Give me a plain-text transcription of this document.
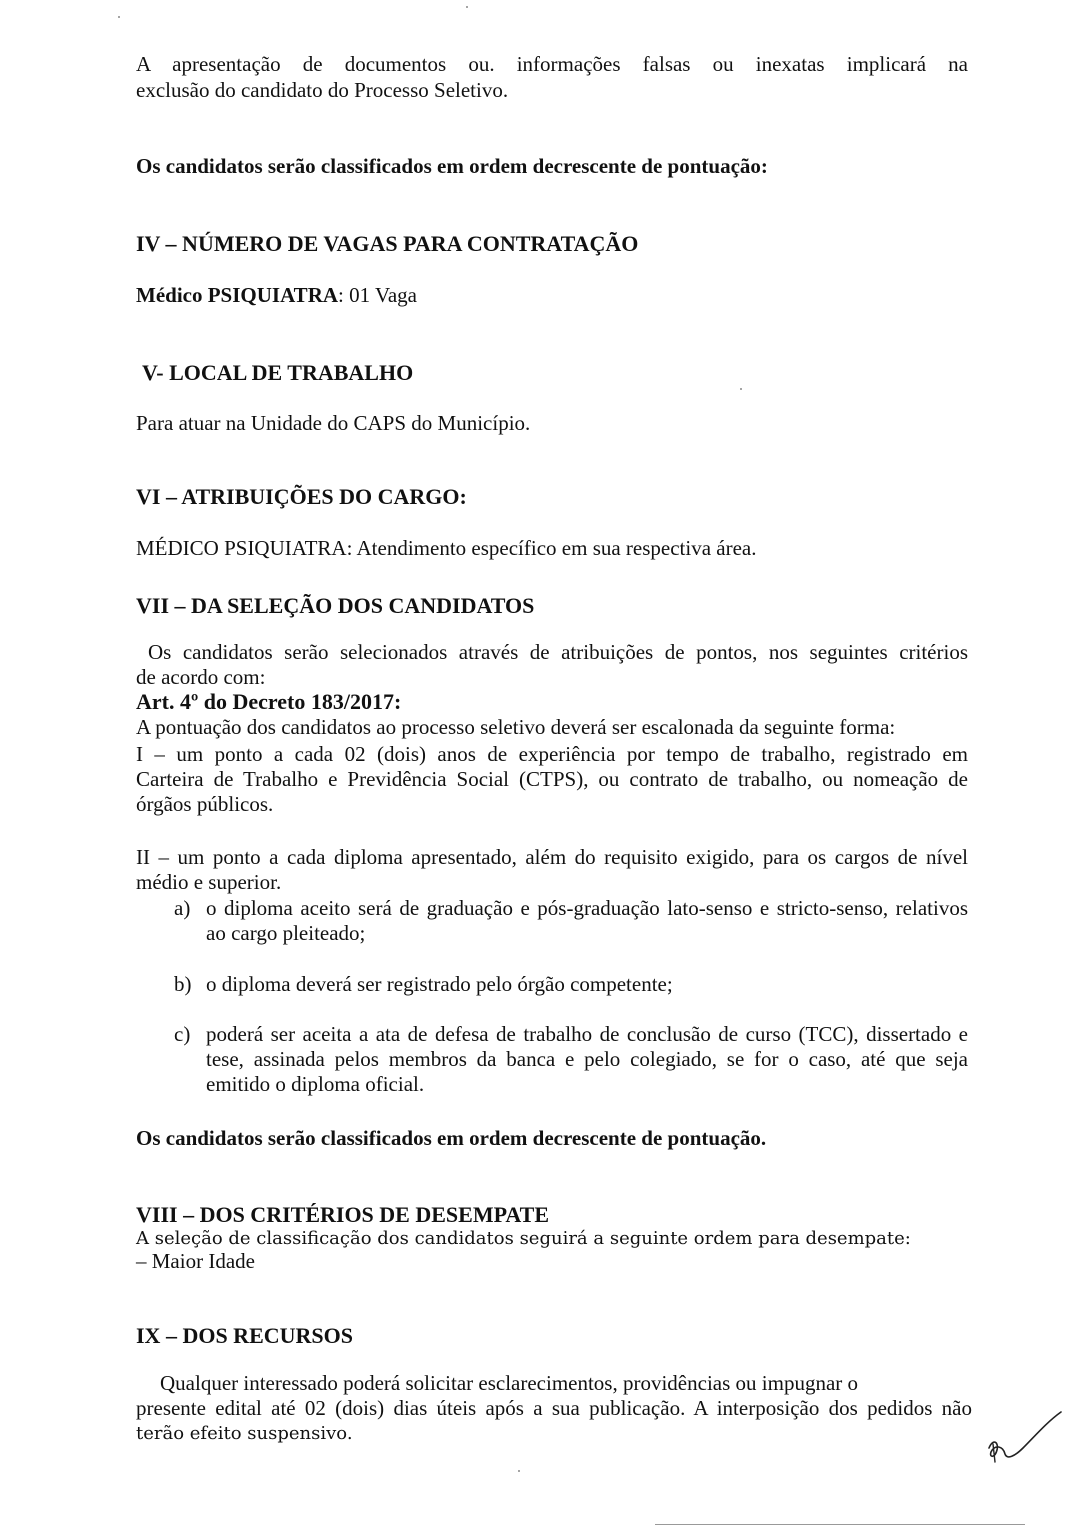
A apresentação de documentos ou. informações falsas ou inexatas implicará na
exclusão do candidato do Processo Seletivo.
Os candidatos serão classificados em ordem decrescente de pontuação:
IV – NÚMERO DE VAGAS PARA CONTRATAÇÃO
Médico PSIQUIATRA: 01 Vaga
V- LOCAL DE TRABALHO
Para atuar na Unidade do CAPS do Município.
VI – ATRIBUIÇÕES DO CARGO:
MÉDICO PSIQUIATRA: Atendimento específico em sua respectiva área.
VII – DA SELEÇÃO DOS CANDIDATOS
Os candidatos serão selecionados através de atribuições de pontos, nos seguintes critérios
de acordo com:
Art. 4º do Decreto 183/2017:
A pontuação dos candidatos ao processo seletivo deverá ser escalonada da seguinte forma:
I – um ponto a cada 02 (dois) anos de experiência por tempo de trabalho, registrado em
Carteira de Trabalho e Previdência Social (CTPS), ou contrato de trabalho, ou nomeação de
órgãos públicos.
II – um ponto a cada diploma apresentado, além do requisito exigido, para os cargos de nível
médio e superior.
a) o diploma aceito será de graduação e pós-graduação lato-senso e stricto-senso, relativos ao cargo pleiteado;
b) o diploma deverá ser registrado pelo órgão competente;
c) poderá ser aceita a ata de defesa de trabalho de conclusão de curso (TCC), dissertado e tese, assinada pelos membros da banca e pelo colegiado, se for o caso, até que seja emitido o diploma oficial.
Os candidatos serão classificados em ordem decrescente de pontuação.
VIII – DOS CRITÉRIOS DE DESEMPATE
A seleção de classificação dos candidatos seguirá a seguinte ordem para desempate:
– Maior Idade
IX – DOS RECURSOS
Qualquer interessado poderá solicitar esclarecimentos, providências ou impugnar o
presente edital até 02 (dois) dias úteis após a sua publicação. A interposição dos pedidos não
terão efeito suspensivo.
